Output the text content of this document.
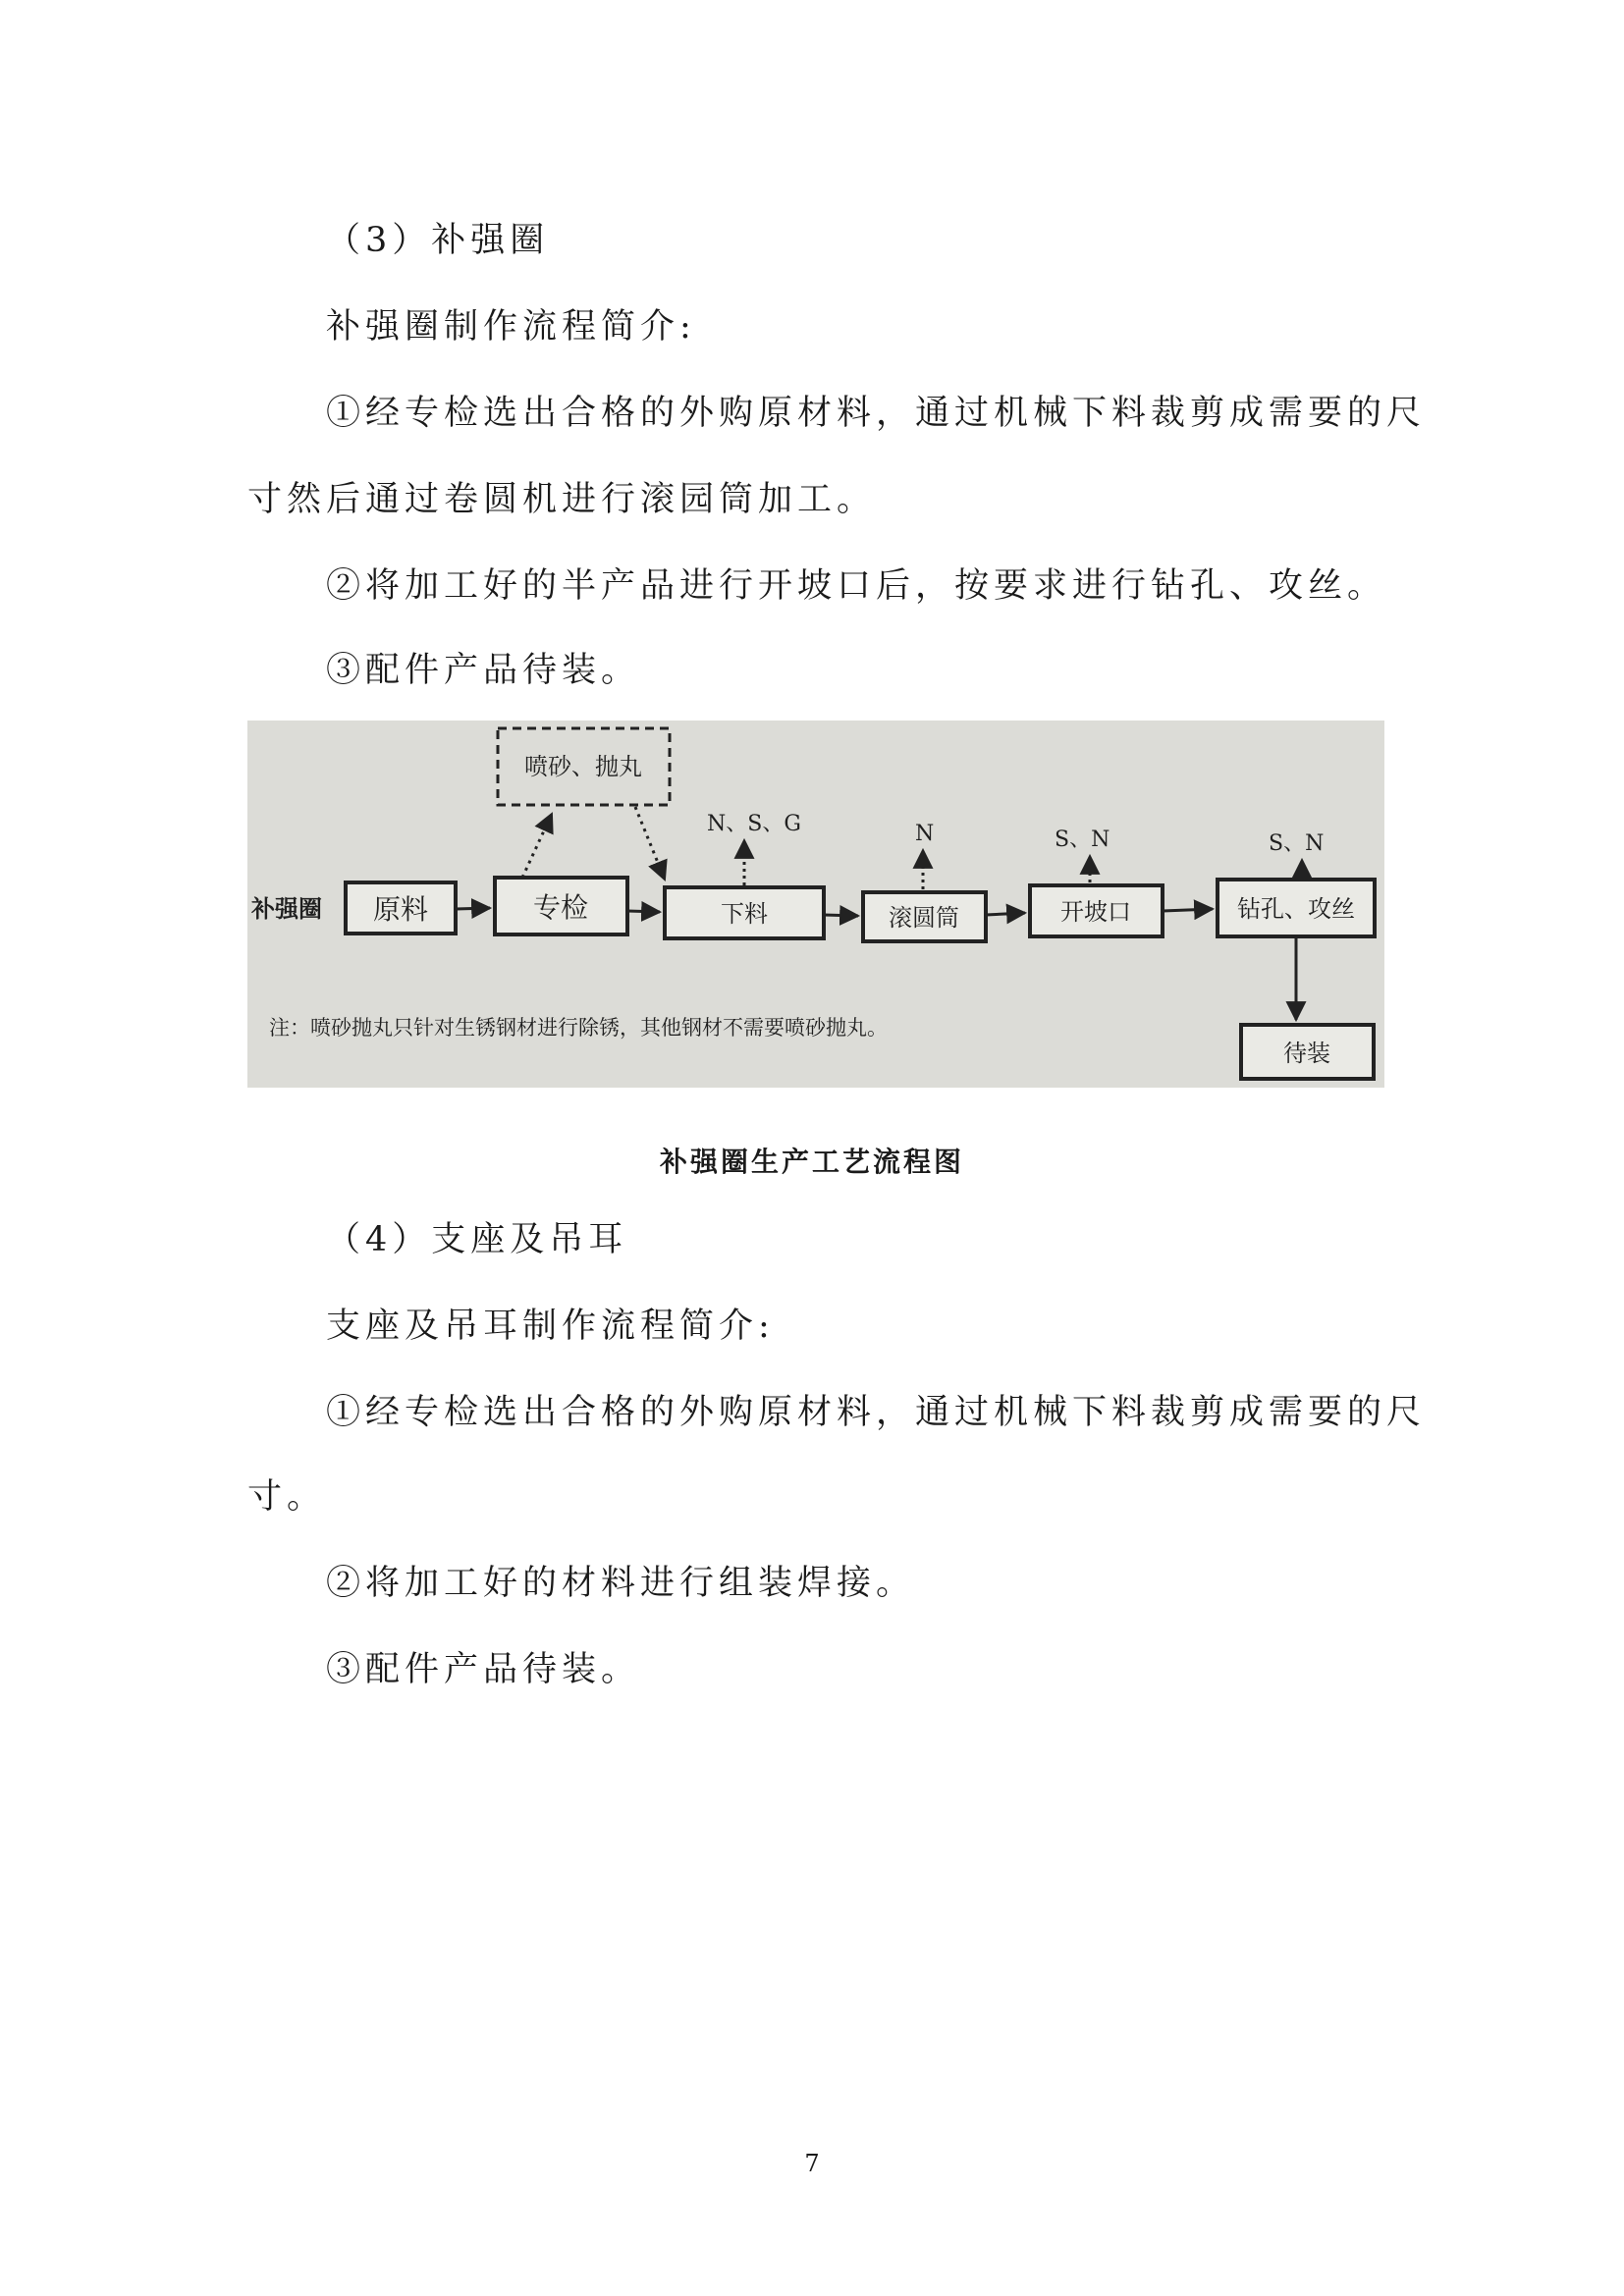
（3）补强圈
补强圈制作流程简介:
①经专检选出合格的外购原材料，通过机械下料裁剪成需要的尺
寸然后通过卷圆机进行滚园筒加工。
②将加工好的半产品进行开坡口后，按要求进行钻孔、攻丝。
③配件产品待装。
喷砂、抛丸
补强圈 原料	专检	下料	滚圆筒	开坡口	钻孔、攻丝
待装
N、S、G	N	S、N	S、N
注：喷砂抛丸只针对生锈钢材进行除锈，其他钢材不需要喷砂抛丸。
补强圈生产工艺流程图
（4）支座及吊耳
支座及吊耳制作流程简介:
①经专检选出合格的外购原材料，通过机械下料裁剪成需要的尺
寸。
②将加工好的材料进行组装焊接。
③配件产品待装。
7
